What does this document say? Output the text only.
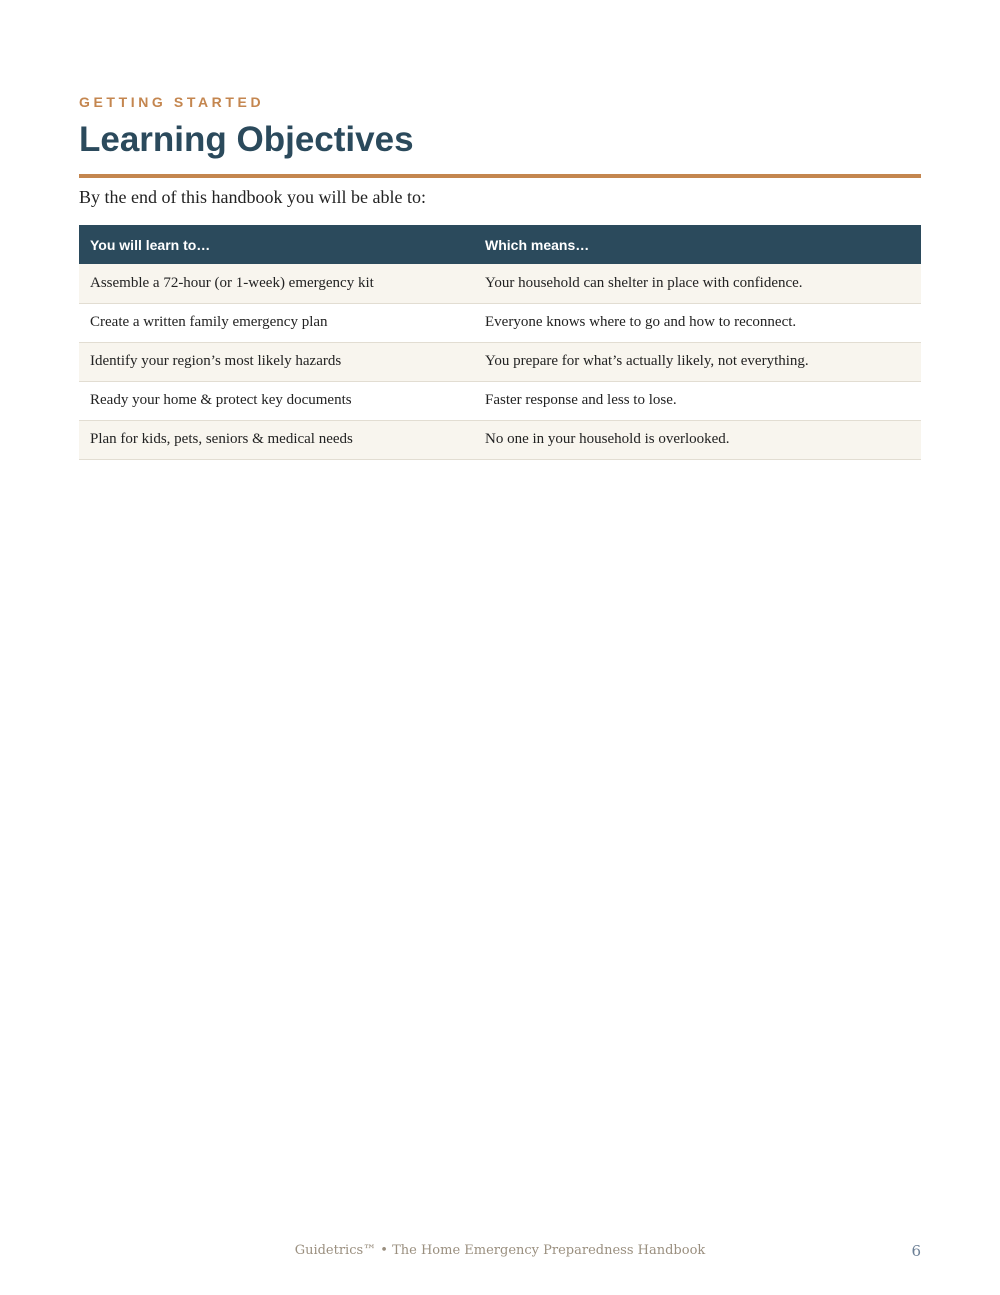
GETTING STARTED
Learning Objectives

By the end of this handbook you will be able to:

You will learn to…	Which means…
Assemble a 72-hour (or 1-week) emergency kit	Your household can shelter in place with confidence.
Create a written family emergency plan	Everyone knows where to go and how to reconnect.
Identify your region’s most likely hazards	You prepare for what’s actually likely, not everything.
Ready your home & protect key documents	Faster response and less to lose.
Plan for kids, pets, seniors & medical needs	No one in your household is overlooked.
Guidetrics™ • The Home Emergency Preparedness Handbook	6
